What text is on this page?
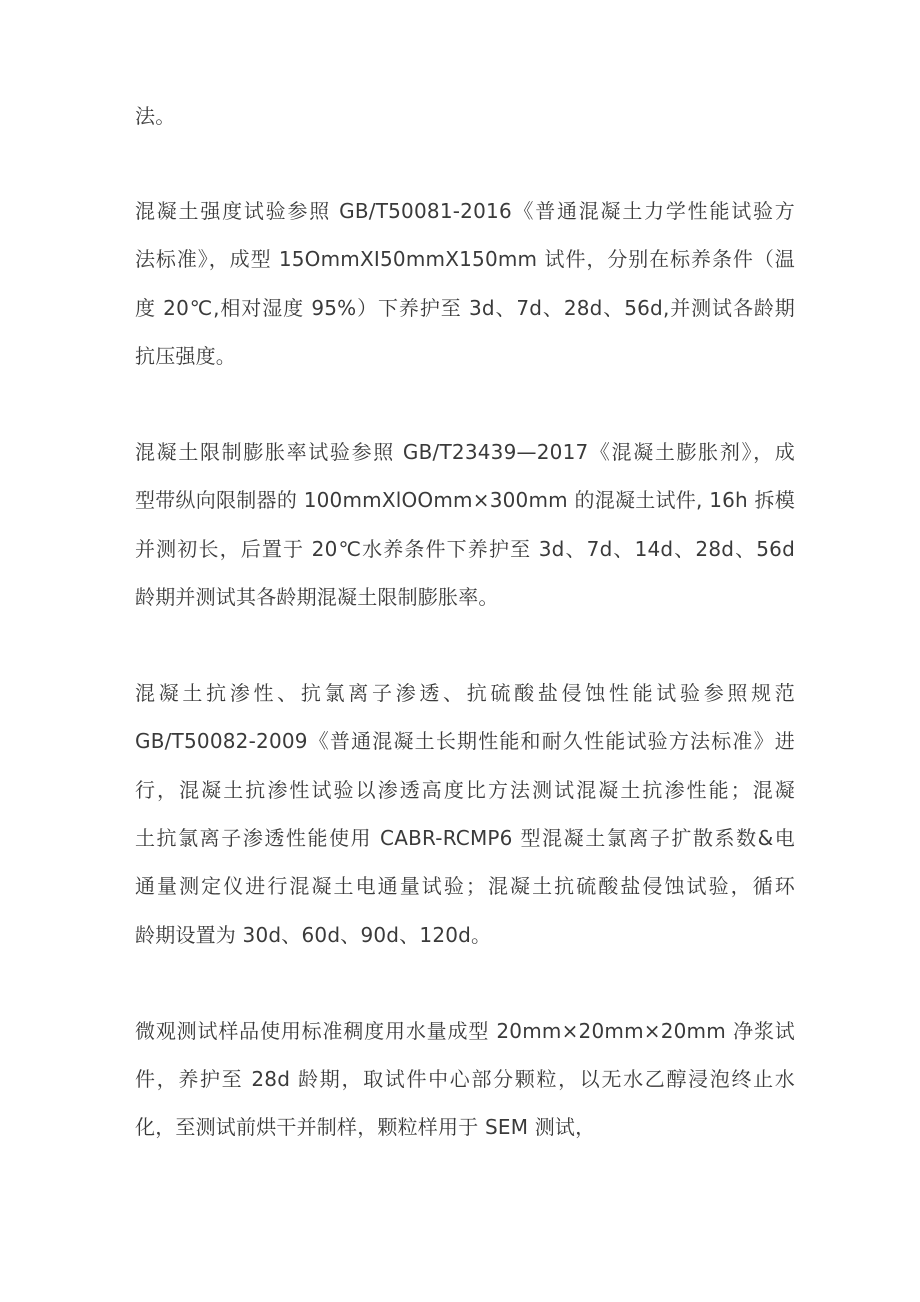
法。
混凝土强度试验参照 GB/T50081-2016《普通混凝土力学性能试验方
法标准》，成型 15OmmXI50mmX150mm 试件，分别在标养条件（温
度 20℃,相对湿度 95%）下养护至 3d、7d、28d、56d,并测试各龄期
抗压强度。
混凝土限制膨胀率试验参照 GB/T23439—2017《混凝土膨胀剂》，成
型带纵向限制器的 100mmXlOOmm×300mm 的混凝土试件, 16h 拆模
并测初长，后置于 20℃水养条件下养护至 3d、7d、14d、28d、56d
龄期并测试其各龄期混凝土限制膨胀率。
混凝土抗渗性、抗氯离子渗透、抗硫酸盐侵蚀性能试验参照规范
GB/T50082-2009《普通混凝土长期性能和耐久性能试验方法标准》进
行，混凝土抗渗性试验以渗透高度比方法测试混凝土抗渗性能；混凝
土抗氯离子渗透性能使用 CABR-RCMP6 型混凝土氯离子扩散系数&电
通量测定仪进行混凝土电通量试验；混凝土抗硫酸盐侵蚀试验，循环
龄期设置为 30d、60d、90d、120d。
微观测试样品使用标准稠度用水量成型 20mm×20mm×20mm 净浆试
件，养护至 28d 龄期，取试件中心部分颗粒，以无水乙醇浸泡终止水
化，至测试前烘干并制样，颗粒样用于 SEM 测试，
